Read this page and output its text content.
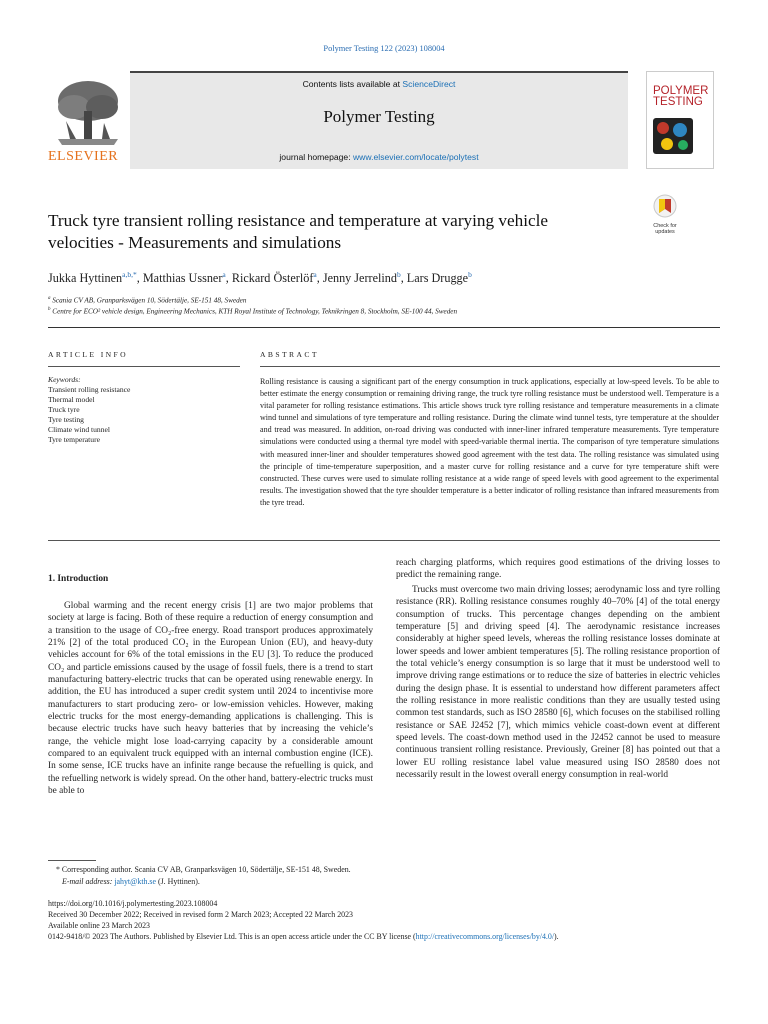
Polymer Testing 122 (2023) 108004
Contents lists available at ScienceDirect
Polymer Testing
journal homepage: www.elsevier.com/locate/polytest
ELSEVIER
POLYMER
TESTING
Truck tyre transient rolling resistance and temperature at varying vehicle velocities - Measurements and simulations
Check for
updates
Jukka Hyttinen$^{a,b,*}$, Matthias Ussner$^a$, Rickard Österlöf$^a$, Jenny Jerrelind$^b$, Lars Drugge$^b$
$^a$ Scania CV AB, Granparksvägen 10, Södertälje, SE-151 48, Sweden
$^b$ Centre for ECO² vehicle design, Engineering Mechanics, KTH Royal Institute of Technology, Teknikringen 8, Stockholm, SE-100 44, Sweden
ARTICLE INFO
Keywords:
Transient rolling resistance
Thermal model
Truck tyre
Tyre testing
Climate wind tunnel
Tyre temperature
ABSTRACT
Rolling resistance is causing a significant part of the energy consumption in truck applications, especially at low-speed levels. To be able to better estimate the energy consumption or remaining driving range, the truck tyre rolling resistance must be understood well. Temperature is a vital parameter for rolling resistance estimations. This article shows truck tyre rolling resistance and temperature measurements in a climate wind tunnel and simulations of tyre temperature and rolling resistance. During the climate wind tunnel tests, tyre temperature at the shoulder and tread was measured. In addition, on-road driving was conducted with inner-liner infrared temperature measurements. Tyre temperature simulations were conducted using a thermal tyre model with speed-variable thermal inertia. The comparison of tyre temperature simulations with measured inner-liner and shoulder temperatures showed good agreement with the test data. The rolling resistance was simulated using the principle of time-temperature superposition, and a master curve for rolling resistance and a curve for tyre temperature shift were constructed. These curves were used to simulate rolling resistance at a wide range of speed levels with good agreement to the experimental results. The investigation showed that the tyre shoulder temperature is a better indicator of rolling resistance than infrared measurements from the tyre tread.
1. Introduction
Global warming and the recent energy crisis [1] are two major problems that society at large is facing. Both of these require a reduction of energy consumption and a transition to the usage of CO₂-free energy. Road transport produces approximately 21% [2] of the total produced CO₂ in the European Union (EU), and heavy-duty vehicles account for 6% of the total emissions in the EU [3]. To reduce the produced CO₂ and particle emissions caused by the usage of fossil fuels, there is a trend to start manufacturing battery-electric trucks that can be operated using renewable energy. In addition, the EU has introduced a super credit system until 2024 to incentivise more manufacturers to start producing zero- or low-emission vehicles. However, making electric trucks for the most energy-demanding applications is challenging. This is because electric trucks have such heavy batteries that by increasing the vehicle’s range, the vehicle might lose load-carrying capacity by a considerable amount compared to an equivalent truck equipped with an internal combustion engine (ICE). In some sense, ICE trucks have an infinite range because the refuelling is quick, and the refuelling network is widely spread. On the other hand, battery-electric trucks must be able to
reach charging platforms, which requires good estimations of the driving losses to predict the remaining range.
Trucks must overcome two main driving losses; aerodynamic loss and tyre rolling resistance (RR). Rolling resistance consumes roughly 40–70% [4] of the total energy consumption of trucks. This percentage changes depending on the ambient temperature [5] and driving speed [4]. The aerodynamic resistance increases considerably at higher speed levels, whereas the rolling resistance losses dominate at lower speeds and lower ambient temperatures [5]. The rolling resistance proportion of the total vehicle’s energy consumption is so large that it must be understood well to improve driving range estimations or to reduce the size of batteries in electric vehicles during the design phase. It is essential to understand how different parameters affect the rolling resistance in more realistic conditions than they are usually tested using common test standards, such as ISO 28580 [6], which focuses on the stabilised rolling resistance or SAE J2452 [7], which mimics vehicle coast-down event at different speed levels. The coast-down method used in the J2452 cannot be used to measure continuous transient rolling resistance. Previously, Greiner [8] has pointed out that a lower EU rolling resistance label value measured using ISO 28580 does not necessarily result in the lowest overall energy consumption in real-world
* Corresponding author. Scania CV AB, Granparksvägen 10, Södertälje, SE-151 48, Sweden.
E-mail address: jahyt@kth.se (J. Hyttinen).
https://doi.org/10.1016/j.polymertesting.2023.108004
Received 30 December 2022; Received in revised form 2 March 2023; Accepted 22 March 2023
Available online 23 March 2023
0142-9418/© 2023 The Authors. Published by Elsevier Ltd. This is an open access article under the CC BY license (http://creativecommons.org/licenses/by/4.0/).
